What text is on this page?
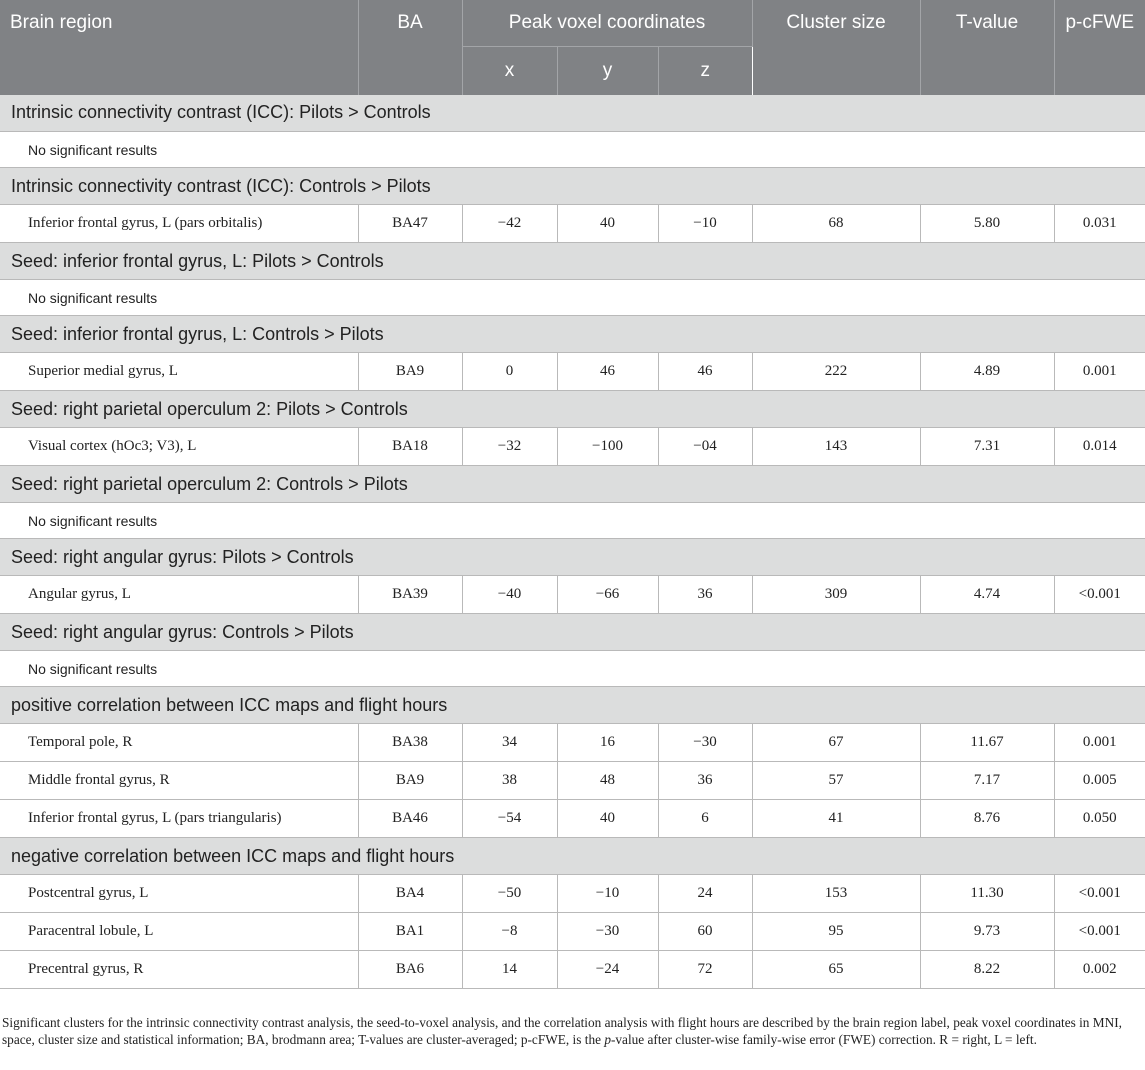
Brain region	BA	Peak voxel coordinates			Cluster size	T-value	p-cFWE
		x	y	z			
Intrinsic connectivity contrast (ICC): Pilots > Controls							
No significant results							
Intrinsic connectivity contrast (ICC): Controls > Pilots							
Inferior frontal gyrus, L (pars orbitalis)	BA47	−42	40	−10	68	5.80	0.031
Seed: inferior frontal gyrus, L: Pilots > Controls							
No significant results							
Seed: inferior frontal gyrus, L: Controls > Pilots							
Superior medial gyrus, L	BA9	0	46	46	222	4.89	0.001
Seed: right parietal operculum 2: Pilots > Controls							
Visual cortex (hOc3; V3), L	BA18	−32	−100	−04	143	7.31	0.014
Seed: right parietal operculum 2: Controls > Pilots							
No significant results							
Seed: right angular gyrus: Pilots > Controls							
Angular gyrus, L	BA39	−40	−66	36	309	4.74	<0.001
Seed: right angular gyrus: Controls > Pilots							
No significant results							
positive correlation between ICC maps and flight hours							
Temporal pole, R	BA38	34	16	−30	67	11.67	0.001
Middle frontal gyrus, R	BA9	38	48	36	57	7.17	0.005
Inferior frontal gyrus, L (pars triangularis)	BA46	−54	40	6	41	8.76	0.050
negative correlation between ICC maps and flight hours							
Postcentral gyrus, L	BA4	−50	−10	24	153	11.30	<0.001
Paracentral lobule, L	BA1	−8	−30	60	95	9.73	<0.001
Precentral gyrus, R	BA6	14	−24	72	65	8.22	0.002
Significant clusters for the intrinsic connectivity contrast analysis, the seed-to-voxel analysis, and the correlation analysis with flight hours are described by the brain region label, peak voxel coordinates in MNI, space, cluster size and statistical information; BA, brodmann area; T-values are cluster-averaged; p-cFWE, is the p-value after cluster-wise family-wise error (FWE) correction. R = right, L = left.
